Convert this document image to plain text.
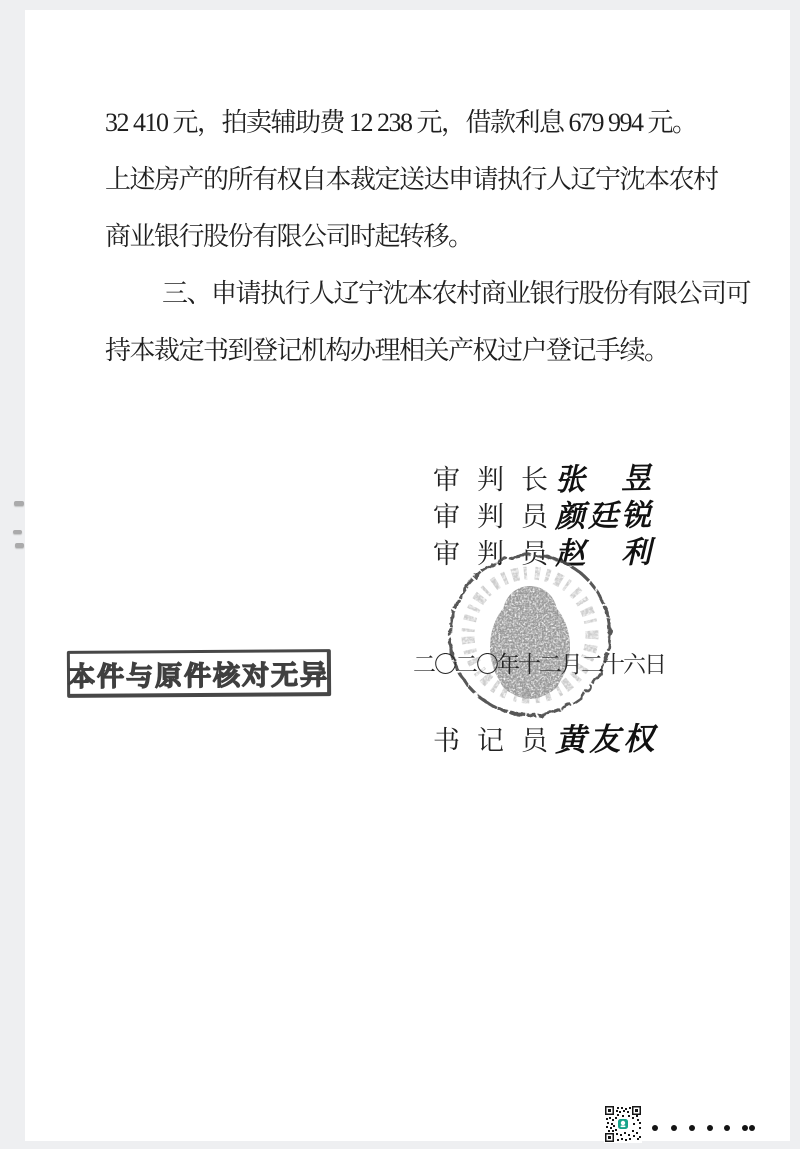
32 410 元，拍卖辅助费 12 238 元，借款利息 679 994 元。
上述房产的所有权自本裁定送达申请执行人辽宁沈本农村
商业银行股份有限公司时起转移。
三、申请执行人辽宁沈本农村商业银行股份有限公司可
持本裁定书到登记机构办理相关产权过户登记手续。
审判长
张　昱
审判员
颜廷锐
审判员
赵　利
二〇二〇年十二月二十六日
书记员
黄友权
本件与原件核对无异
